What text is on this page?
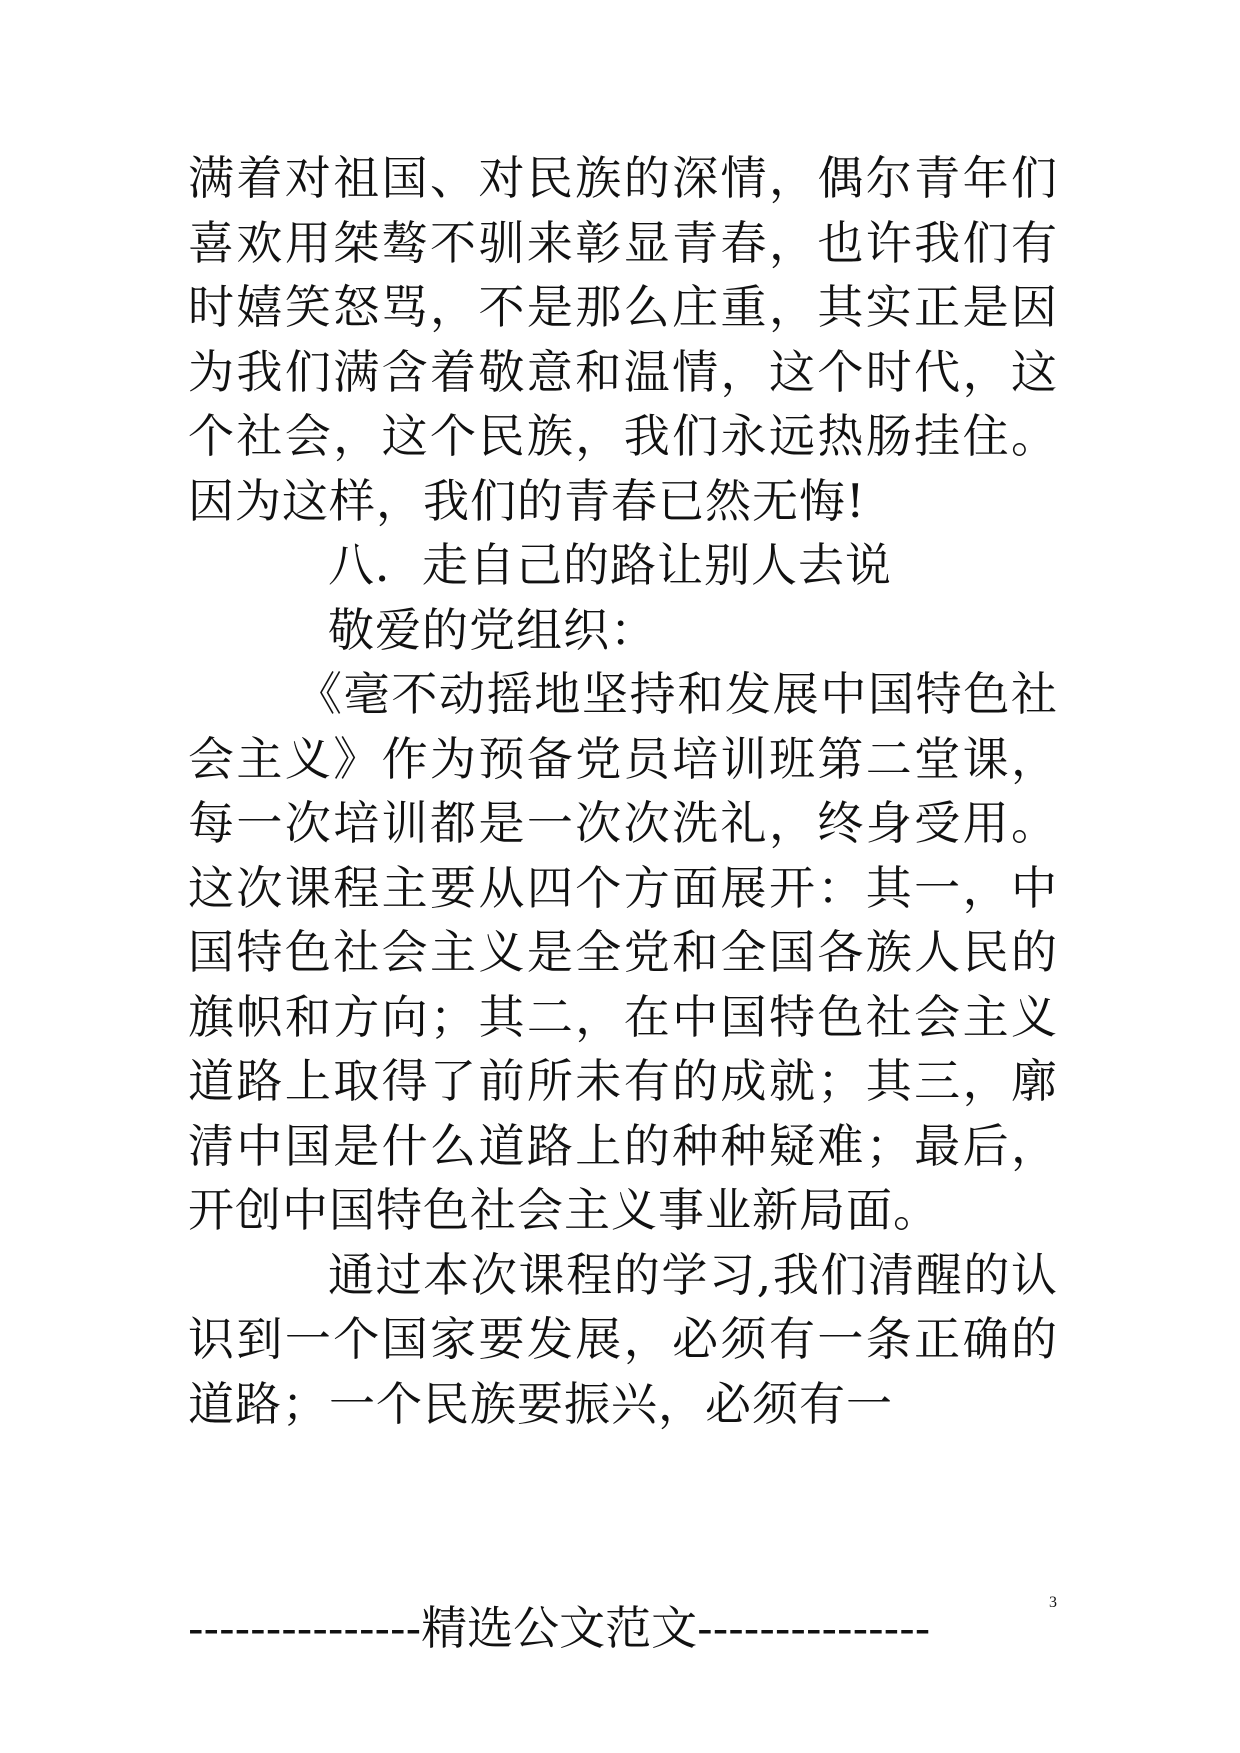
满着对祖国、对民族的深情，偶尔青年们喜欢用桀骜不驯来彰显青春，也许我们有时嬉笑怒骂，不是那么庄重，其实正是因为我们满含着敬意和温情，这个时代，这个社会，这个民族，我们永远热肠挂住。因为这样，我们的青春已然无悔!

八．走自己的路让别人去说

敬爱的党组织：

《毫不动摇地坚持和发展中国特色社会主义》作为预备党员培训班第二堂课，每一次培训都是一次次洗礼，终身受用。这次课程主要从四个方面展开：其一，中国特色社会主义是全党和全国各族人民的旗帜和方向；其二，在中国特色社会主义道路上取得了前所未有的成就；其三，廓清中国是什么道路上的种种疑难；最后，开创中国特色社会主义事业新局面。

通过本次课程的学习,我们清醒的认识到一个国家要发展，必须有一条正确的道路；一个民族要振兴，必须有一

---------------精选公文范文---------------	3
